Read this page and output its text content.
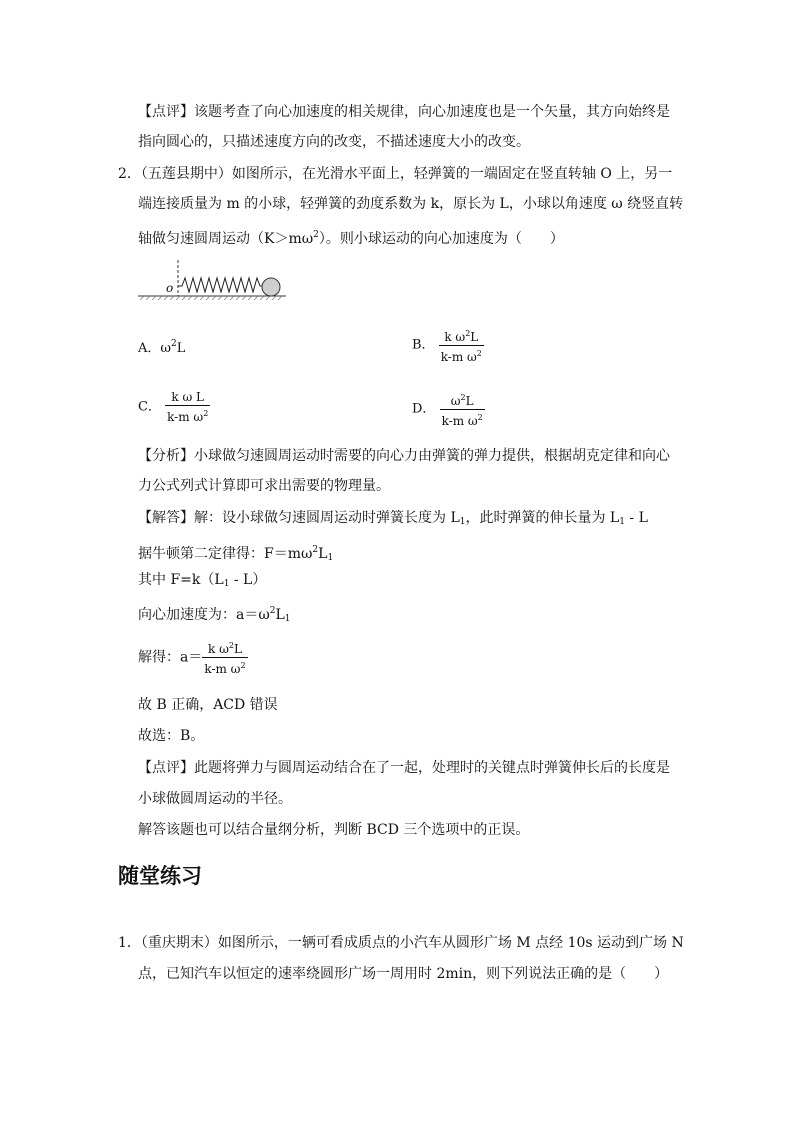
【点评】该题考查了向心加速度的相关规律，向心加速度也是一个矢量，其方向始终是
指向圆心的，只描述速度方向的改变，不描述速度大小的改变。
2．（五莲县期中）如图所示，在光滑水平面上，轻弹簧的一端固定在竖直转轴 O 上，另一
端连接质量为 m 的小球，轻弹簧的劲度系数为 k，原长为 L，小球以角速度 ω 绕竖直转
轴做匀速圆周运动$(K>m\omega^2)$。则小球运动的向心加速度为（　　）
o
A．$\omega^2L$	B． $\frac{k \omega^2L}{k-m \omega^2}$
C． $\frac{\text{k ω L}}{k-m \omega^2}$	D． $\frac{\omega^2L}{k-m \omega^2}$
【分析】小球做匀速圆周运动时需要的向心力由弹簧的弹力提供，根据胡克定律和向心
力公式列式计算即可求出需要的物理量。
【解答】解：设小球做匀速圆周运动时弹簧长度为 $L_1$，此时弹簧的伸长量为 $L_1$ - L
据牛顿第二定律得：$F=m\omega^2L_1$
其中 $F=k(L_1 - L)$
向心加速度为：$a=\omega^2L_1$
解得：$a= \frac{k \omega^2L}{k-m \omega^2}$
故 B 正确，ACD 错误
故选：B。
【点评】此题将弹力与圆周运动结合在了一起，处理时的关键点时弹簧伸长后的长度是
小球做圆周运动的半径。
解答该题也可以结合量纲分析，判断 BCD 三个选项中的正误。
随堂练习
1．（重庆期末）如图所示，一辆可看成质点的小汽车从圆形广场 M 点经 10s 运动到广场 N
点，已知汽车以恒定的速率绕圆形广场一周用时 2min，则下列说法正确的是（　　）
